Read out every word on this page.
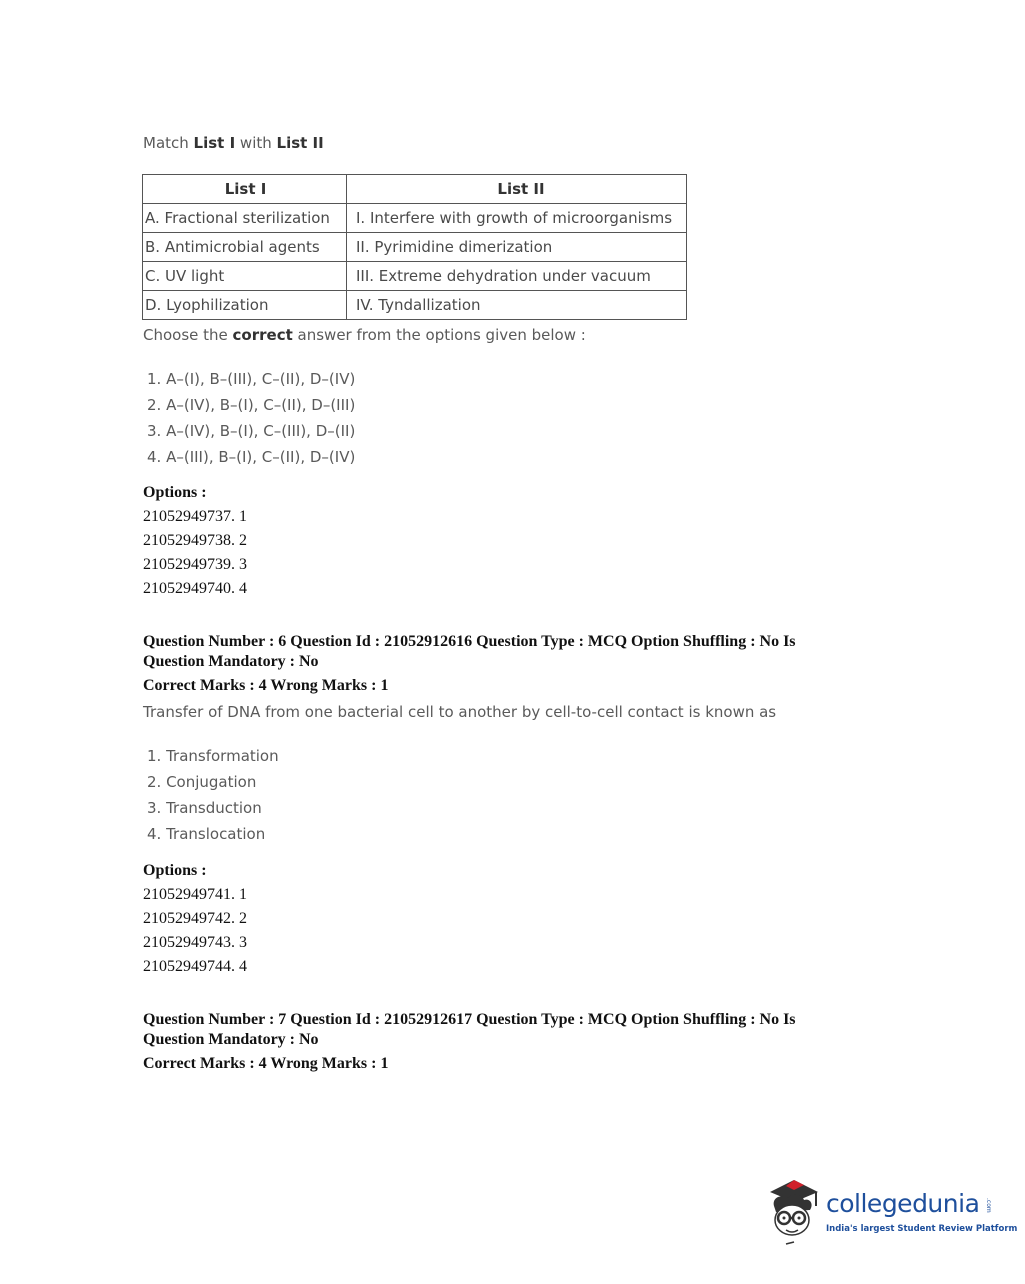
Match List I with List II
List I	List II
A. Fractional sterilization	I. Interfere with growth of microorganisms
B. Antimicrobial agents	II. Pyrimidine dimerization
C. UV light	III. Extreme dehydration under vacuum
D. Lyophilization	IV. Tyndallization
Choose the correct answer from the options given below :
1. A–(I), B–(III), C–(II), D–(IV)
2. A–(IV), B–(I), C–(II), D–(III)
3. A–(IV), B–(I), C–(III), D–(II)
4. A–(III), B–(I), C–(II), D–(IV)
Options :
21052949737. 1
21052949738. 2
21052949739. 3
21052949740. 4
Question Number : 6 Question Id : 21052912616 Question Type : MCQ Option Shuffling : No Is
Question Mandatory : No
Correct Marks : 4 Wrong Marks : 1
Transfer of DNA from one bacterial cell to another by cell-to-cell contact is known as
1. Transformation
2. Conjugation
3. Transduction
4. Translocation
Options :
21052949741. 1
21052949742. 2
21052949743. 3
21052949744. 4
Question Number : 7 Question Id : 21052912617 Question Type : MCQ Option Shuffling : No Is
Question Mandatory : No
Correct Marks : 4 Wrong Marks : 1
collegedunia .com
India's largest Student Review Platform
